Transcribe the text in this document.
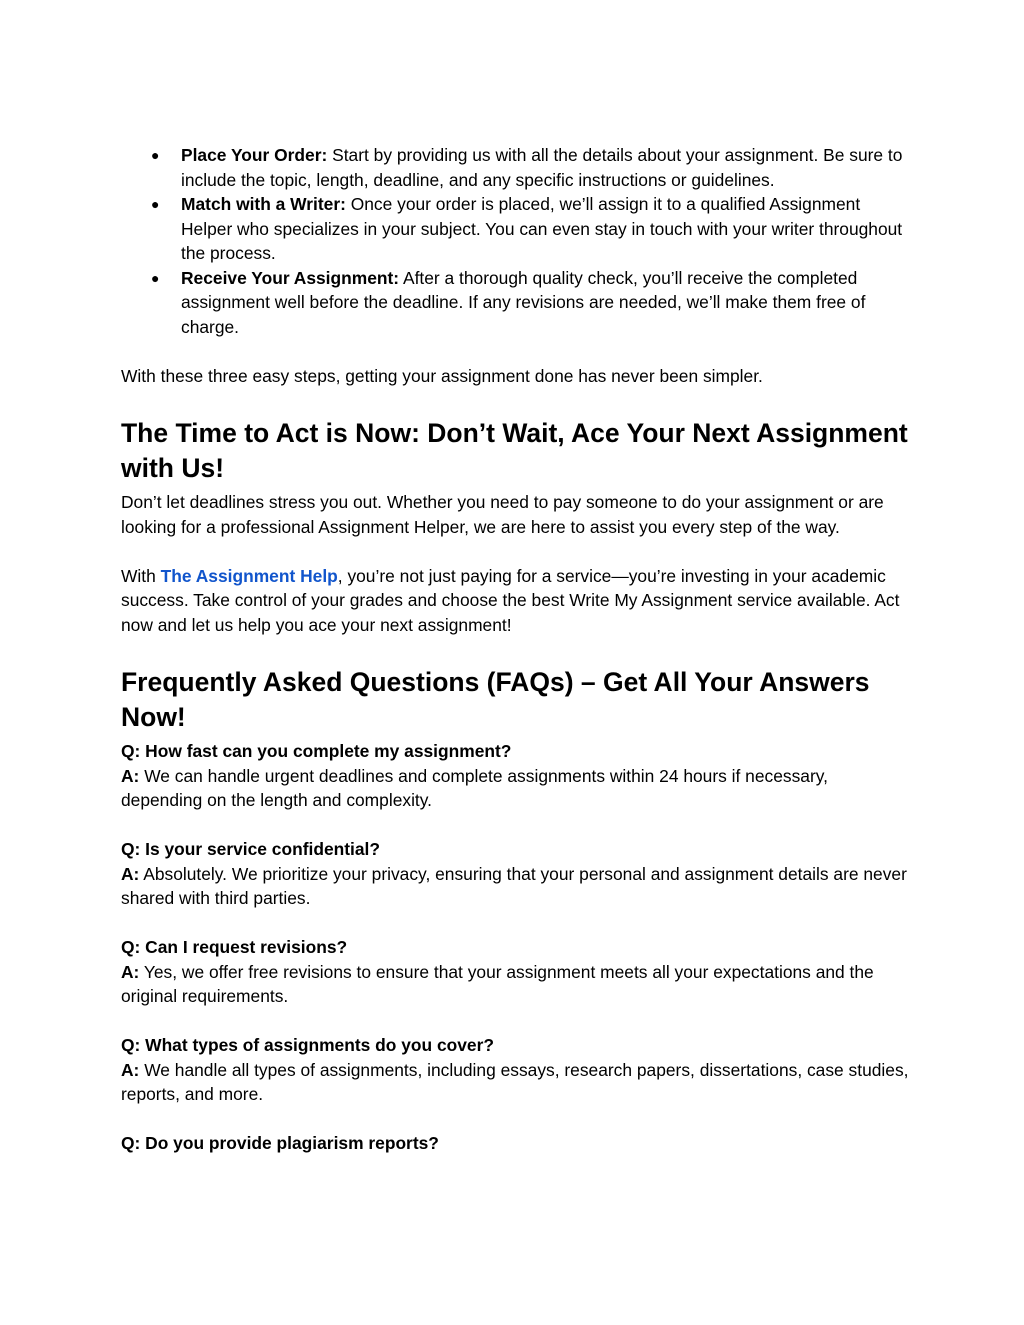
● Place Your Order: Start by providing us with all the details about your assignment. Be sure to include the topic, length, deadline, and any specific instructions or guidelines.
● Match with a Writer: Once your order is placed, we’ll assign it to a qualified Assignment Helper who specializes in your subject. You can even stay in touch with your writer throughout the process.
● Receive Your Assignment: After a thorough quality check, you’ll receive the completed assignment well before the deadline. If any revisions are needed, we’ll make them free of charge.

With these three easy steps, getting your assignment done has never been simpler.

The Time to Act is Now: Don’t Wait, Ace Your Next Assignment with Us!

Don’t let deadlines stress you out. Whether you need to pay someone to do your assignment or are looking for a professional Assignment Helper, we are here to assist you every step of the way.

With The Assignment Help, you’re not just paying for a service—you’re investing in your academic success. Take control of your grades and choose the best Write My Assignment service available. Act now and let us help you ace your next assignment!

Frequently Asked Questions (FAQs) – Get All Your Answers Now!

Q: How fast can you complete my assignment?

A: We can handle urgent deadlines and complete assignments within 24 hours if necessary, depending on the length and complexity.

Q: Is your service confidential?

A: Absolutely. We prioritize your privacy, ensuring that your personal and assignment details are never shared with third parties.

Q: Can I request revisions?

A: Yes, we offer free revisions to ensure that your assignment meets all your expectations and the original requirements.

Q: What types of assignments do you cover?

A: We handle all types of assignments, including essays, research papers, dissertations, case studies, reports, and more.

Q: Do you provide plagiarism reports?
